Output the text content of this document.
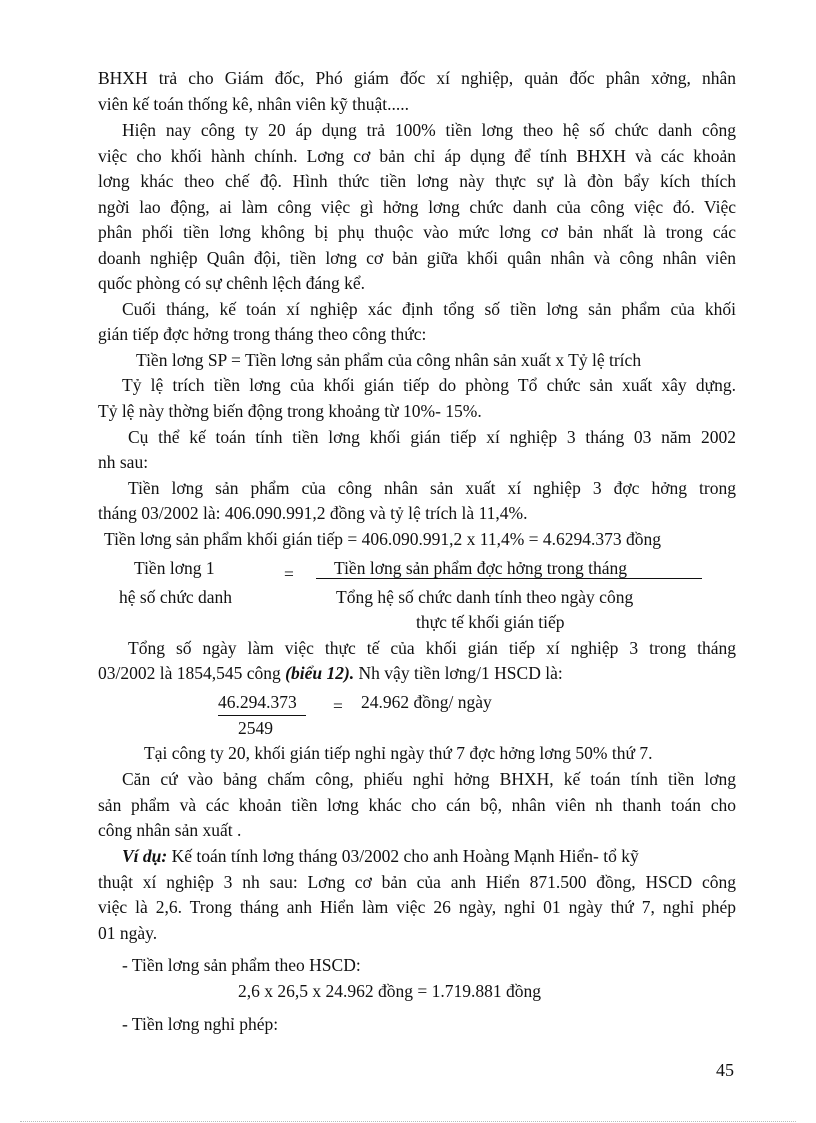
BHXH trả cho Giám đốc, Phó giám đốc xí nghiệp, quản đốc phân xởng, nhân
viên kế toán thống kê, nhân viên kỹ thuật.....
Hiện nay công ty 20 áp dụng trả 100% tiền lơng theo hệ số chức danh công
việc cho khối hành chính. Lơng cơ bản chỉ áp dụng để tính BHXH và các khoản
lơng khác theo chế độ. Hình thức tiền lơng này thực sự là đòn bẩy kích thích
ngời lao động, ai làm công việc gì hởng lơng chức danh của công việc đó. Việc
phân phối tiền lơng không bị phụ thuộc vào mức lơng cơ bản nhất là trong các
doanh nghiệp Quân đội, tiền lơng cơ bản giữa khối quân nhân và công nhân viên
quốc phòng có sự chênh lệch đáng kể.
Cuối tháng, kế toán xí nghiệp xác định tổng số tiền lơng sản phẩm của khối
gián tiếp đợc hởng trong tháng theo công thức:
Tiền lơng SP = Tiền lơng sản phẩm của công nhân sản xuất x Tỷ lệ trích
Tỷ lệ trích tiền lơng của khối gián tiếp do phòng Tổ chức sản xuất xây dựng.
Tỷ lệ này thờng biến động trong khoảng từ 10%- 15%.
Cụ thể kế toán tính tiền lơng khối gián tiếp xí nghiệp 3 tháng 03 năm 2002
nh sau:
Tiền lơng sản phẩm của công nhân sản xuất xí nghiệp 3 đợc hởng trong
tháng 03/2002 là: 406.090.991,2 đồng và tỷ lệ trích là 11,4%.
Tiền lơng sản phẩm khối gián tiếp = 406.090.991,2 x 11,4% = 4.6294.373 đồng
Tiền lơng 1	= Tiền lơng sản phẩm đợc hởng trong tháng
hệ số chức danh	Tổng hệ số chức danh tính theo ngày công
thực tế khối gián tiếp
Tổng số ngày làm việc thực tế của khối gián tiếp xí nghiệp 3 trong tháng
03/2002 là 1854,545 công (biểu 12). Nh vậy tiền lơng/1 HSCD là:
46.294.373
2549
= 24.962 đồng/ ngày
Tại công ty 20, khối gián tiếp nghỉ ngày thứ 7 đợc hởng lơng 50% thứ 7.
Căn cứ vào bảng chấm công, phiếu nghỉ hởng BHXH, kế toán tính tiền lơng
sản phẩm và các khoản tiền lơng khác cho cán bộ, nhân viên nh thanh toán cho
công nhân sản xuất .
Ví dụ: Kế toán tính lơng tháng 03/2002 cho anh Hoàng Mạnh Hiển- tổ kỹ
thuật xí nghiệp 3 nh sau: Lơng cơ bản của anh Hiển 871.500 đồng, HSCD công
việc là 2,6. Trong tháng anh Hiển làm việc 26 ngày, nghỉ 01 ngày thứ 7, nghỉ phép
01 ngày.
- Tiền lơng sản phẩm theo HSCD:
2,6 x 26,5 x 24.962 đồng = 1.719.881 đồng
- Tiền lơng nghỉ phép:
45
